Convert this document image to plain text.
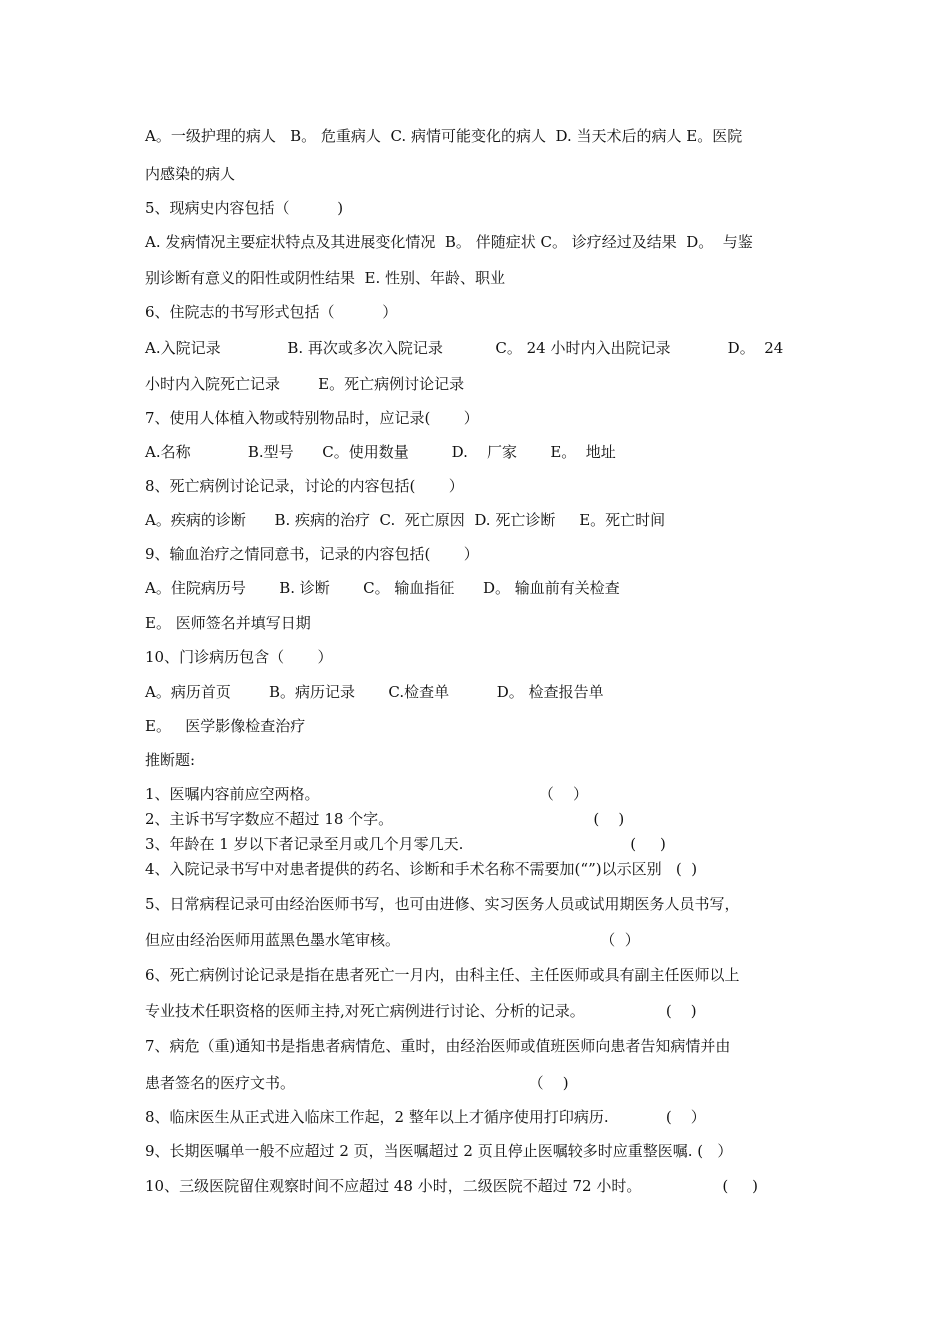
A。一级护理的病人   B。 危重病人  C. 病情可能变化的病人  D. 当天术后的病人 E。医院
内感染的病人
5、现病史内容包括（          )
A. 发病情况主要症状特点及其进展变化情况  B。 伴随症状 C。 诊疗经过及结果  D。  与鉴
别诊断有意义的阳性或阴性结果  E. 性别、年龄、职业
6、住院志的书写形式包括（          ）
A.入院记录              B. 再次或多次入院记录           C。 24 小时内入出院记录            D。  24
小时内入院死亡记录        E。死亡病例讨论记录
7、使用人体植入物或特别物品时，应记录(       ）
A.名称            B.型号      C。使用数量         D.    厂家       E。  地址
8、死亡病例讨论记录，讨论的内容包括(       ）
A。疾病的诊断      B. 疾病的治疗  C.  死亡原因  D. 死亡诊断     E。死亡时间
9、输血治疗之情同意书，记录的内容包括(       ）
A。住院病历号       B. 诊断       C。 输血指征      D。 输血前有关检查
E。 医师签名并填写日期
10、门诊病历包含（       ）
A。病历首页        B。病历记录       C.检查单          D。 检查报告单
E。   医学影像检查治疗
推断题:
1、医嘱内容前应空两格。                                              （    ）
2、主诉书写字数应不超过 18 个字。                                          (    )
3、年龄在 1 岁以下者记录至月或几个月零几天.                                   (     )
4、入院记录书写中对患者提供的药名、诊断和手术名称不需要加(“”)以示区别   (  )
5、日常病程记录可由经治医师书写，也可由进修、实习医务人员或试用期医务人员书写，
但应由经治医师用蓝黑色墨水笔审核。                                          （  ）
6、死亡病例讨论记录是指在患者死亡一月内，由科主任、主任医师或具有副主任医师以上
专业技术任职资格的医师主持,对死亡病例进行讨论、分析的记录。                 (    )
7、病危（重)通知书是指患者病情危、重时，由经治医师或值班医师向患者告知病情并由
患者签名的医疗文书。                                                 （    )
8、临床医生从正式进入临床工作起，2 整年以上才循序使用打印病历.            (    ）
9、长期医嘱单一般不应超过 2 页，当医嘱超过 2 页且停止医嘱较多时应重整医嘱. (   ）
10、三级医院留住观察时间不应超过 48 小时，二级医院不超过 72 小时。                 (     )
